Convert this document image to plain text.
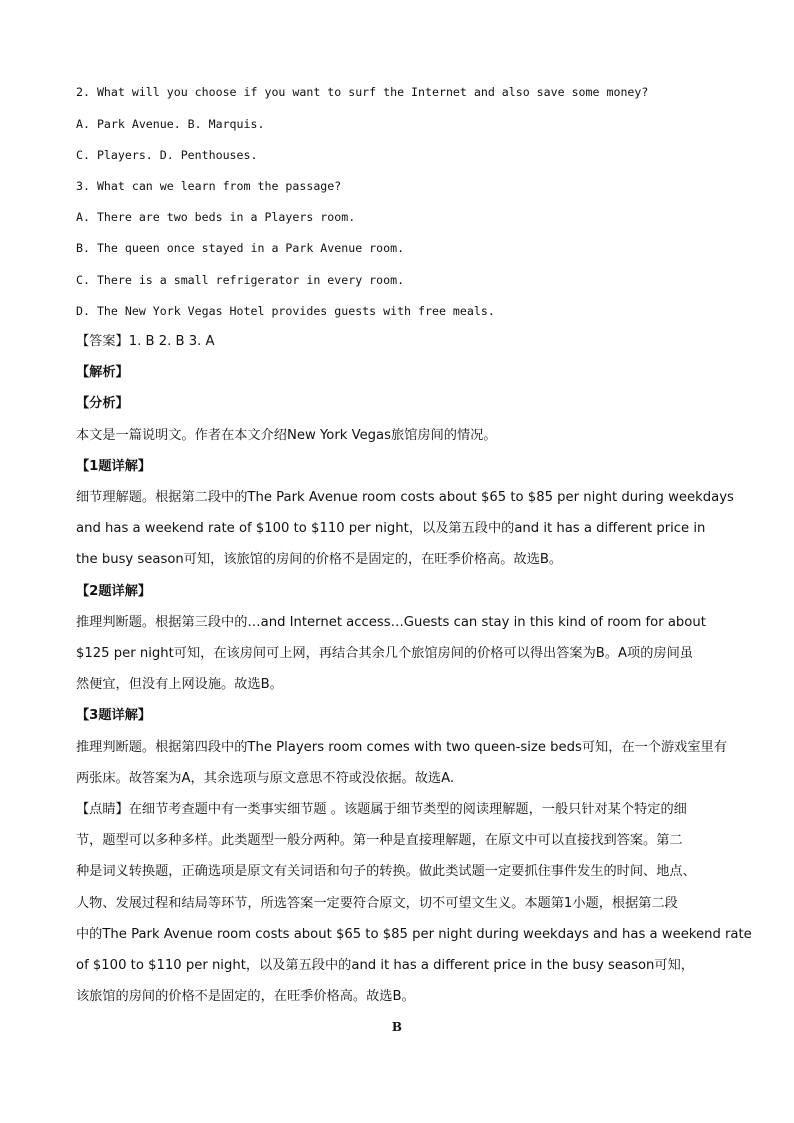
2. What will you choose if you want to surf the Internet and also save some money?
A. Park Avenue. B. Marquis.
C. Players. D. Penthouses.
3. What can we learn from the passage?
A. There are two beds in a Players room.
B. The queen once stayed in a Park Avenue room.
C. There is a small refrigerator in every room.
D. The New York Vegas Hotel provides guests with free meals.
【答案】1. B 2. B 3. A
【解析】
【分析】
本文是一篇说明文。作者在本文介绍New York Vegas旅馆房间的情况。
【1题详解】
细节理解题。根据第二段中的The Park Avenue room costs about $65 to $85 per night during weekdays
and has a weekend rate of $100 to $110 per night，以及第五段中的and it has a different price in
the busy season可知，该旅馆的房间的价格不是固定的，在旺季价格高。故选B。
【2题详解】
推理判断题。根据第三段中的…and Internet access…Guests can stay in this kind of room for about
$125 per night可知，在该房间可上网，再结合其余几个旅馆房间的价格可以得出答案为B。A项的房间虽
然便宜，但没有上网设施。故选B。
【3题详解】
推理判断题。根据第四段中的The Players room comes with two queen-size beds可知，在一个游戏室里有
两张床。故答案为A，其余选项与原文意思不符或没依据。故选A.
【点睛】在细节考查题中有一类事实细节题 。该题属于细节类型的阅读理解题，一般只针对某个特定的细
节，题型可以多种多样。此类题型一般分两种。第一种是直接理解题，在原文中可以直接找到答案。第二
种是词义转换题，正确选项是原文有关词语和句子的转换。做此类试题一定要抓住事件发生的时间、地点、
人物、发展过程和结局等环节，所选答案一定要符合原文，切不可望文生义。本题第1小题，根据第二段
中的The Park Avenue room costs about $65 to $85 per night during weekdays and has a weekend rate
of $100 to $110 per night，以及第五段中的and it has a different price in the busy season可知，
该旅馆的房间的价格不是固定的，在旺季价格高。故选B。
B
